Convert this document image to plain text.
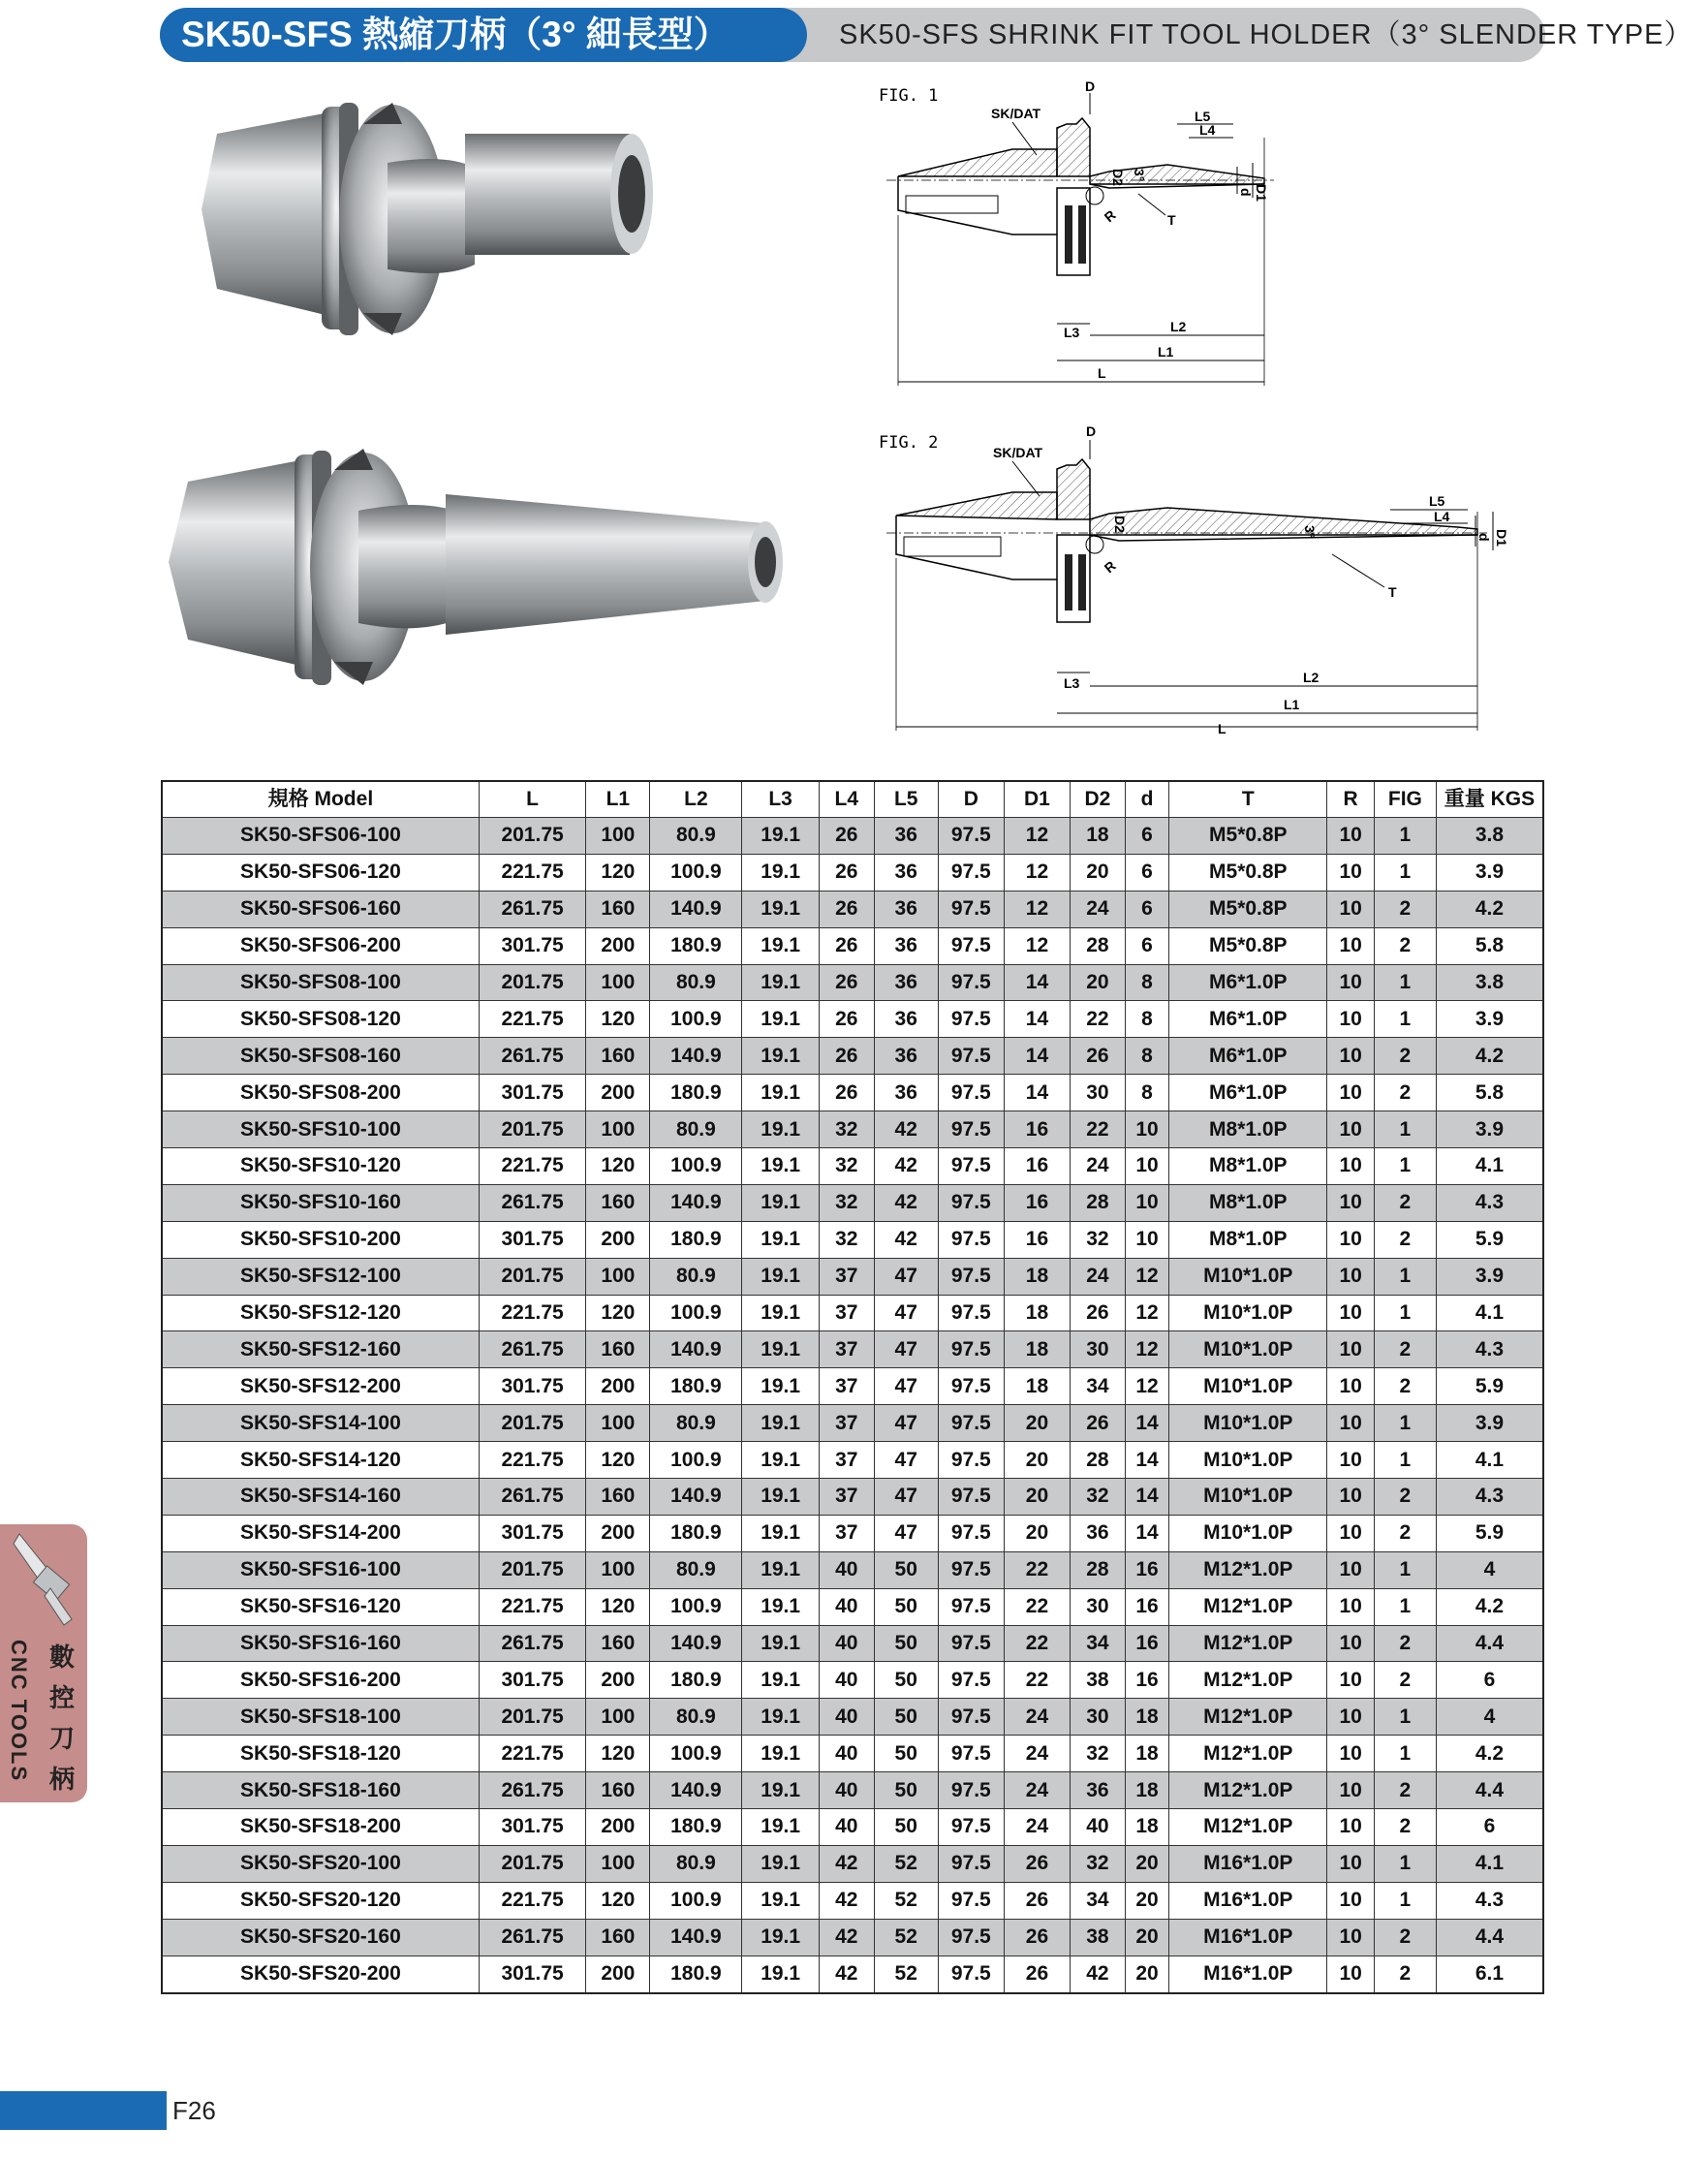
SK50-SFS 熱縮刀柄（3° 細長型）	SK50-SFS SHRINK FIT TOOL HOLDER（3° SLENDER TYPE）
FIG. 1
SK/DAT
D
L5
L4
d D1
D2 3°
T
R
L3	L2
L1
L
FIG. 2	SK/DAT
D
L5
L4
d D1
D2	3°
T
R
L3	L2
L1
L
規格 Model	L	L1	L2	L3	L4	L5	D	D1	D2	d	T	R	FIG	重量 KGS
SK50-SFS06-100	201.75	100	80.9	19.1	26	36	97.5	12	18	6	M5*0.8P	10	1	3.8
SK50-SFS06-120	221.75	120	100.9	19.1	26	36	97.5	12	20	6	M5*0.8P	10	1	3.9
SK50-SFS06-160	261.75	160	140.9	19.1	26	36	97.5	12	24	6	M5*0.8P	10	2	4.2
SK50-SFS06-200	301.75	200	180.9	19.1	26	36	97.5	12	28	6	M5*0.8P	10	2	5.8
SK50-SFS08-100	201.75	100	80.9	19.1	26	36	97.5	14	20	8	M6*1.0P	10	1	3.8
SK50-SFS08-120	221.75	120	100.9	19.1	26	36	97.5	14	22	8	M6*1.0P	10	1	3.9
SK50-SFS08-160	261.75	160	140.9	19.1	26	36	97.5	14	26	8	M6*1.0P	10	2	4.2
SK50-SFS08-200	301.75	200	180.9	19.1	26	36	97.5	14	30	8	M6*1.0P	10	2	5.8
SK50-SFS10-100	201.75	100	80.9	19.1	32	42	97.5	16	22	10	M8*1.0P	10	1	3.9
SK50-SFS10-120	221.75	120	100.9	19.1	32	42	97.5	16	24	10	M8*1.0P	10	1	4.1
SK50-SFS10-160	261.75	160	140.9	19.1	32	42	97.5	16	28	10	M8*1.0P	10	2	4.3
SK50-SFS10-200	301.75	200	180.9	19.1	32	42	97.5	16	32	10	M8*1.0P	10	2	5.9
SK50-SFS12-100	201.75	100	80.9	19.1	37	47	97.5	18	24	12	M10*1.0P	10	1	3.9
SK50-SFS12-120	221.75	120	100.9	19.1	37	47	97.5	18	26	12	M10*1.0P	10	1	4.1
SK50-SFS12-160	261.75	160	140.9	19.1	37	47	97.5	18	30	12	M10*1.0P	10	2	4.3
SK50-SFS12-200	301.75	200	180.9	19.1	37	47	97.5	18	34	12	M10*1.0P	10	2	5.9
SK50-SFS14-100	201.75	100	80.9	19.1	37	47	97.5	20	26	14	M10*1.0P	10	1	3.9
SK50-SFS14-120	221.75	120	100.9	19.1	37	47	97.5	20	28	14	M10*1.0P	10	1	4.1
SK50-SFS14-160	261.75	160	140.9	19.1	37	47	97.5	20	32	14	M10*1.0P	10	2	4.3
SK50-SFS14-200	301.75	200	180.9	19.1	37	47	97.5	20	36	14	M10*1.0P	10	2	5.9
SK50-SFS16-100	201.75	100	80.9	19.1	40	50	97.5	22	28	16	M12*1.0P	10	1	4
SK50-SFS16-120	221.75	120	100.9	19.1	40	50	97.5	22	30	16	M12*1.0P	10	1	4.2
SK50-SFS16-160	261.75	160	140.9	19.1	40	50	97.5	22	34	16	M12*1.0P	10	2	4.4
SK50-SFS16-200	301.75	200	180.9	19.1	40	50	97.5	22	38	16	M12*1.0P	10	2	6
SK50-SFS18-100	201.75	100	80.9	19.1	40	50	97.5	24	30	18	M12*1.0P	10	1	4
SK50-SFS18-120	221.75	120	100.9	19.1	40	50	97.5	24	32	18	M12*1.0P	10	1	4.2
SK50-SFS18-160	261.75	160	140.9	19.1	40	50	97.5	24	36	18	M12*1.0P	10	2	4.4
SK50-SFS18-200	301.75	200	180.9	19.1	40	50	97.5	24	40	18	M12*1.0P	10	2	6
SK50-SFS20-100	201.75	100	80.9	19.1	42	52	97.5	26	32	20	M16*1.0P	10	1	4.1
SK50-SFS20-120	221.75	120	100.9	19.1	42	52	97.5	26	34	20	M16*1.0P	10	1	4.3
SK50-SFS20-160	261.75	160	140.9	19.1	42	52	97.5	26	38	20	M16*1.0P	10	2	4.4
SK50-SFS20-200	301.75	200	180.9	19.1	42	52	97.5	26	42	20	M16*1.0P	10	2	6.1
數
控
刀
柄
CNC TOOLS
F26
